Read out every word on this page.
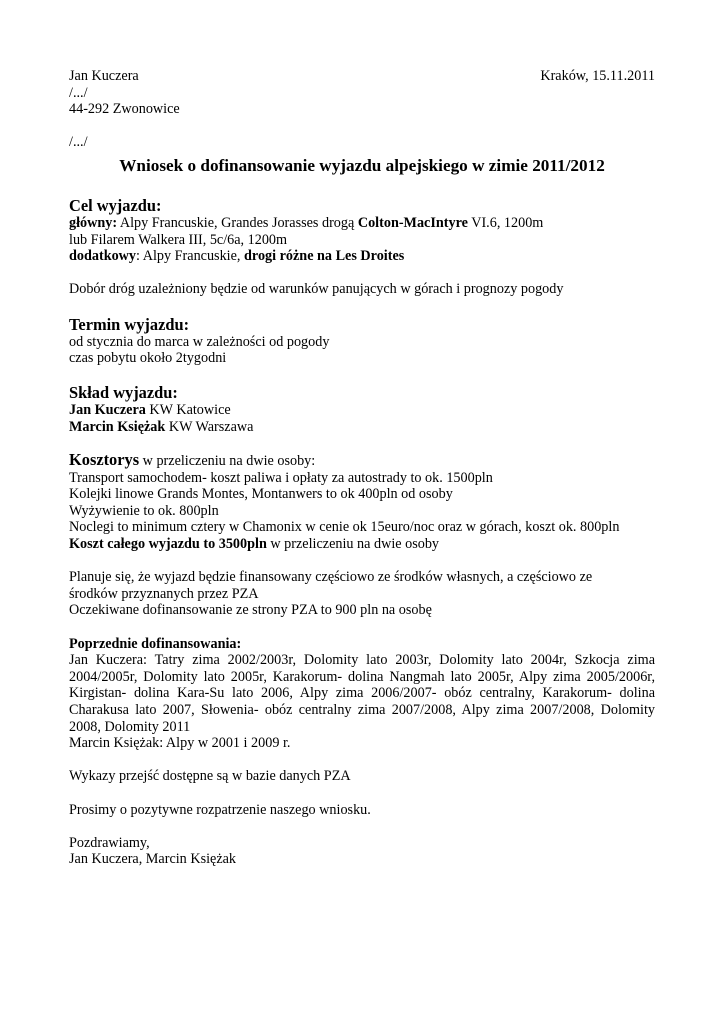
Jan Kuczera	Kraków, 15.11.2011
/.../
44-292 Zwonowice
/.../
Wniosek o dofinansowanie wyjazdu alpejskiego w zimie 2011/2012
Cel wyjazdu:
główny: Alpy Francuskie, Grandes Jorasses drogą Colton-MacIntyre VI.6, 1200m
lub Filarem Walkera III, 5c/6a, 1200m
dodatkowy: Alpy Francuskie, drogi różne na Les Droites
Dobór dróg uzależniony będzie od warunków panujących w górach i prognozy pogody
Termin wyjazdu:
od stycznia do marca w zależności od pogody
czas pobytu około 2tygodni
Skład wyjazdu:
Jan Kuczera KW Katowice
Marcin Księżak KW Warszawa
Kosztorys w przeliczeniu na dwie osoby:
Transport samochodem- koszt paliwa i opłaty za autostrady to ok. 1500pln
Kolejki linowe Grands Montes, Montanwers to ok 400pln od osoby
Wyżywienie to ok. 800pln
Noclegi to minimum cztery w Chamonix w cenie ok 15euro/noc oraz w górach, koszt ok. 800pln
Koszt całego wyjazdu to 3500pln w przeliczeniu na dwie osoby
Planuje się, że wyjazd będzie finansowany częściowo ze środków własnych, a częściowo ze
środków przyznanych przez PZA
Oczekiwane dofinansowanie ze strony PZA to 900 pln na osobę
Poprzednie dofinansowania:
Jan Kuczera: Tatry zima 2002/2003r, Dolomity lato 2003r, Dolomity lato 2004r, Szkocja zima 2004/2005r, Dolomity lato 2005r, Karakorum- dolina Nangmah lato 2005r, Alpy zima 2005/2006r, Kirgistan- dolina Kara-Su lato 2006, Alpy zima 2006/2007- obóz centralny, Karakorum- dolina Charakusa lato 2007, Słowenia- obóz centralny zima 2007/2008, Alpy zima 2007/2008, Dolomity 2008, Dolomity 2011
Marcin Księżak: Alpy w 2001 i 2009 r.
Wykazy przejść dostępne są w bazie danych PZA
Prosimy o pozytywne rozpatrzenie naszego wniosku.
Pozdrawiamy,
Jan Kuczera, Marcin Księżak
